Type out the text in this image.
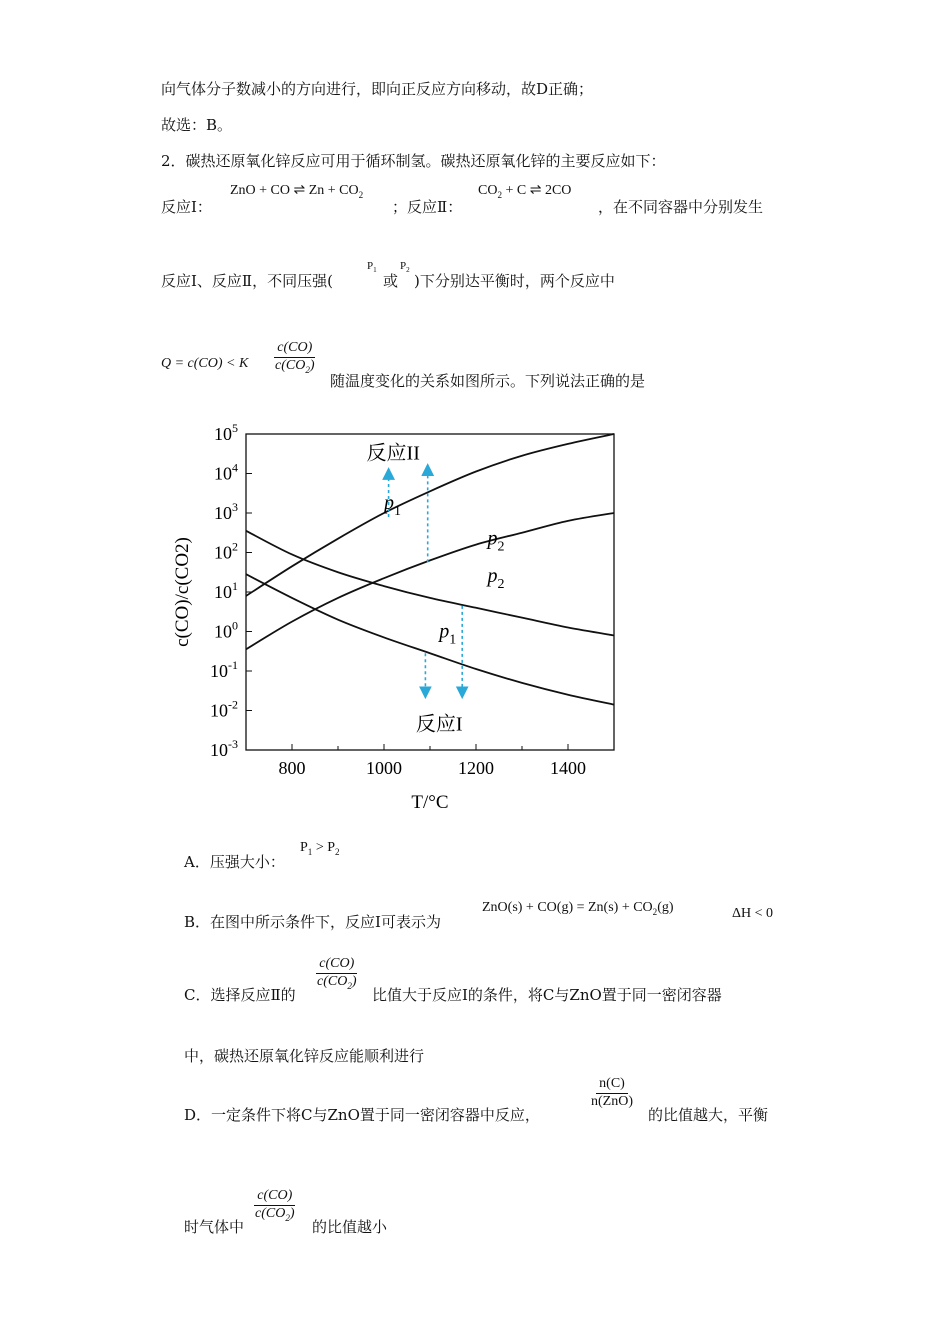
向气体分子数减小的方向进行，即向正反应方向移动，故D正确；
故选：B。
2．碳热还原氧化锌反应可用于循环制氢。碳热还原氧化锌的主要反应如下：
反应Ⅰ：
ZnO + CO ⇌ $Zn + CO_2$
；反应Ⅱ：
$CO_2 + C$ ⇌ 2CO
，在不同容器中分别发生
反应Ⅰ、反应Ⅱ，不同压强(
$P_1$
或
$P_2$
)下分别达平衡时，两个反应中
Q = c(CO) < K $\frac{c(CO)}{c(CO_2)}$
随温度变化的关系如图所示。下列说法正确的是
800	1000	1200	1400
$10^5$
$10^4$
$10^3$
$10^2$
$10^1$
$10^0$
$10^{-1}$
$10^{-2}$
$10^{-3}$
T/°C
c(CO)/c(CO2)
$p_1$
$p_2$
$p_2$
$p_1$
反应II
反应I
A．压强大小：
$P_1 > P_2$
B．在图中所示条件下，反应Ⅰ可表示为
$ZnO(s) + CO(g) = Zn(s) + CO_2(g)$	ΔH < 0
C．选择反应Ⅱ的
$\frac{c(CO)}{c(CO_2)}$
比值大于反应Ⅰ的条件，将C与ZnO置于同一密闭容器
中，碳热还原氧化锌反应能顺利进行
D．一定条件下将C与ZnO置于同一密闭容器中反应，
$\frac{n(C)}{\text{n(ZnO)}}$
的比值越大，平衡
时气体中
$\frac{c(CO)}{c(CO_2)}$
的比值越小
